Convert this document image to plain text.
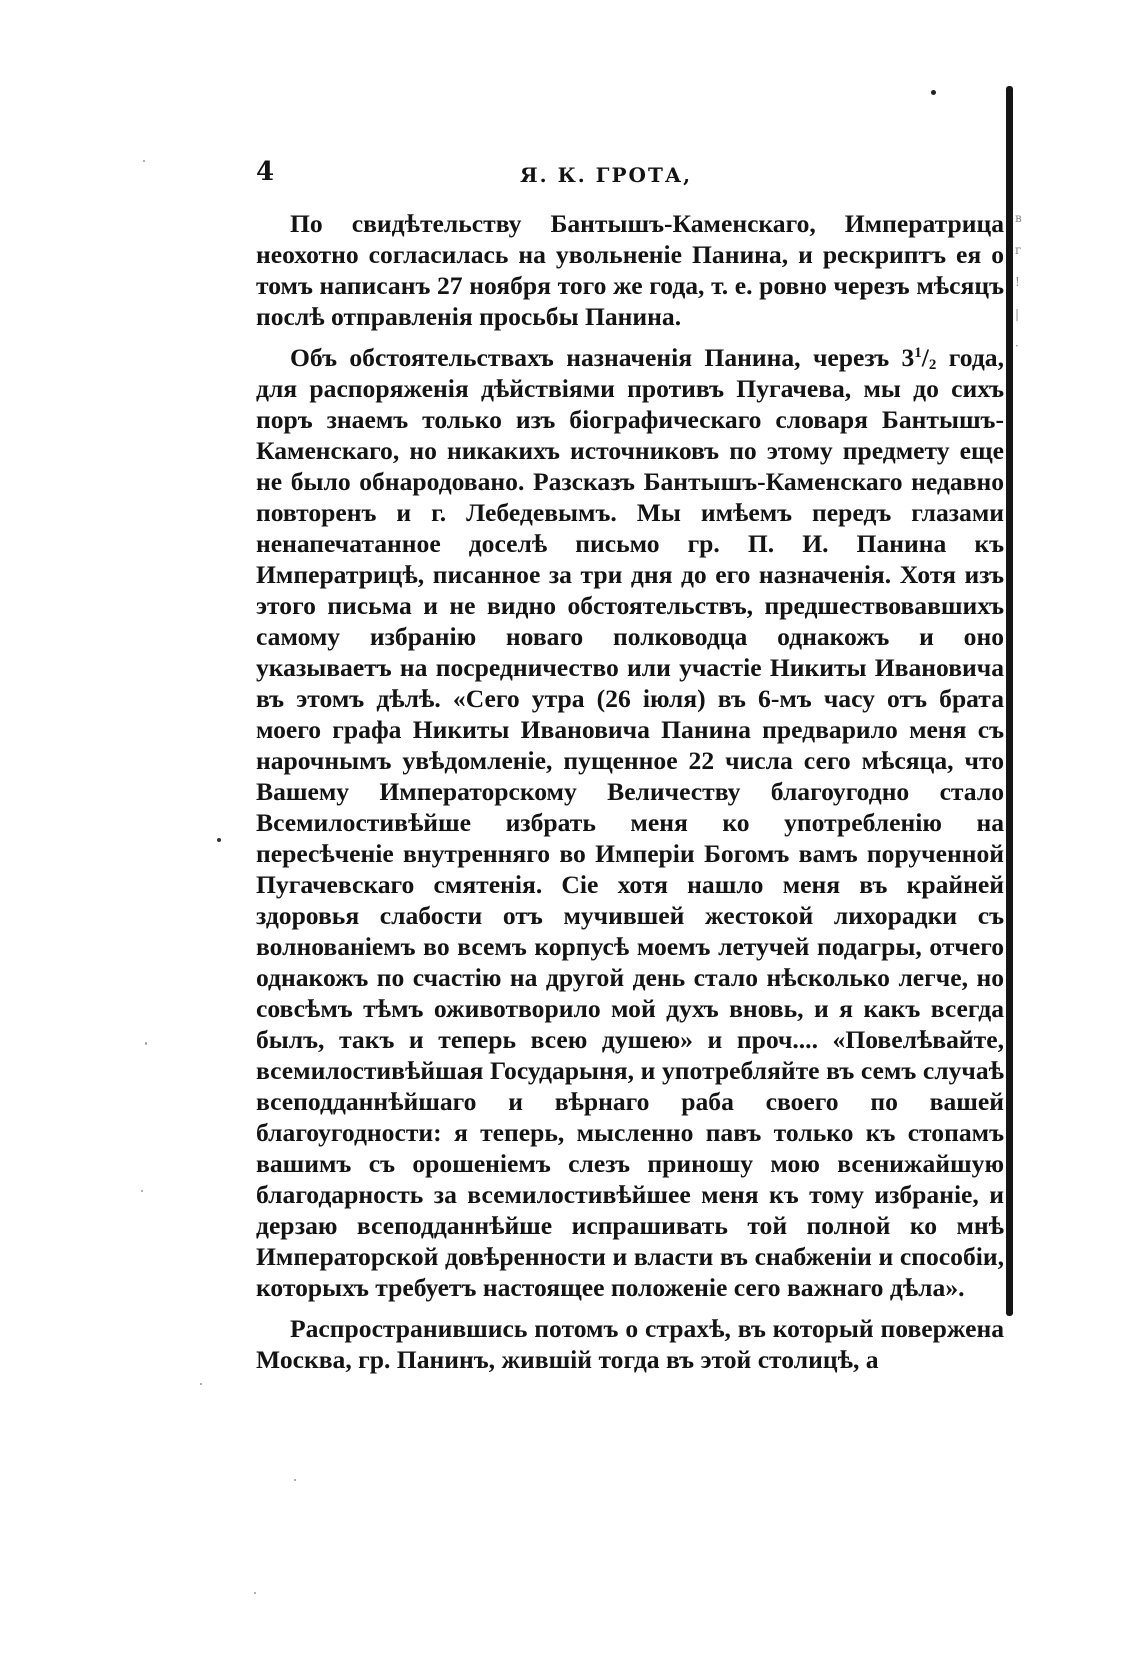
в
г
!
|
·
4	Я. К. ГРОТА,

По свидѣтельству Бантышъ-Каменскаго, Императрица неохотно согласилась на увольненіе Панина, и рескриптъ ея о томъ написанъ 27 ноября того же года, т. е. ровно черезъ мѣсяцъ послѣ отправленія просьбы Панина.

Объ обстоятельствахъ назначенія Панина, черезъ $3^1/_2$ года, для распоряженія дѣйствіями противъ Пугачева, мы до сихъ поръ знаемъ только изъ біографическаго словаря Бантышъ-Каменскаго, но никакихъ источниковъ по этому предмету еще не было обнародовано. Разсказъ Бантышъ-Каменскаго недавно повторенъ и г. Лебедевымъ. Мы имѣемъ передъ глазами ненапечатанное доселѣ письмо гр. П. И. Панина къ Императрицѣ, писанное за три дня до его назначенія. Хотя изъ этого письма и не видно обстоятельствъ, предшествовавшихъ самому избранію новаго полководца однакожъ и оно указываетъ на посредничество или участіе Никиты Ивановича въ этомъ дѣлѣ. «Сего утра (26 іюля) въ 6-мъ часу отъ брата моего графа Никиты Ивановича Панина предварило меня съ нарочнымъ увѣдомленіе, пущенное 22 числа сего мѣсяца, что Вашему Императорскому Величеству благоугодно стало Всемилостивѣйше избрать меня ко употребленію на пересѣченіе внутренняго во Имперіи Богомъ вамъ порученной Пугачевскаго смятенія. Сіе хотя нашло меня въ крайней здоровья слабости отъ мучившей жестокой лихорадки съ волнованіемъ во всемъ корпусѣ моемъ летучей подагры, отчего однакожъ по счастію на другой день стало нѣсколько легче, но совсѣмъ тѣмъ оживотворило мой духъ вновь, и я какъ всегда былъ, такъ и теперь всею душею» и проч.... «Повелѣвайте, всемилостивѣйшая Государыня, и употребляйте въ семъ случаѣ всеподданнѣйшаго и вѣрнаго раба своего по вашей благоугодности: я теперь, мысленно павъ только къ стопамъ вашимъ съ орошеніемъ слезъ приношу мою всенижайшую благодарность за всемилостивѣйшее меня къ тому избраніе, и дерзаю всеподданнѣйше испрашивать той полной ко мнѣ Императорской довѣренности и власти въ снабженіи и способіи, которыхъ требуетъ настоящее положеніе сего важнаго дѣла».

Распространившись потомъ о страхѣ, въ который повержена Москва, гр. Панинъ, жившій тогда въ этой столицѣ, а
